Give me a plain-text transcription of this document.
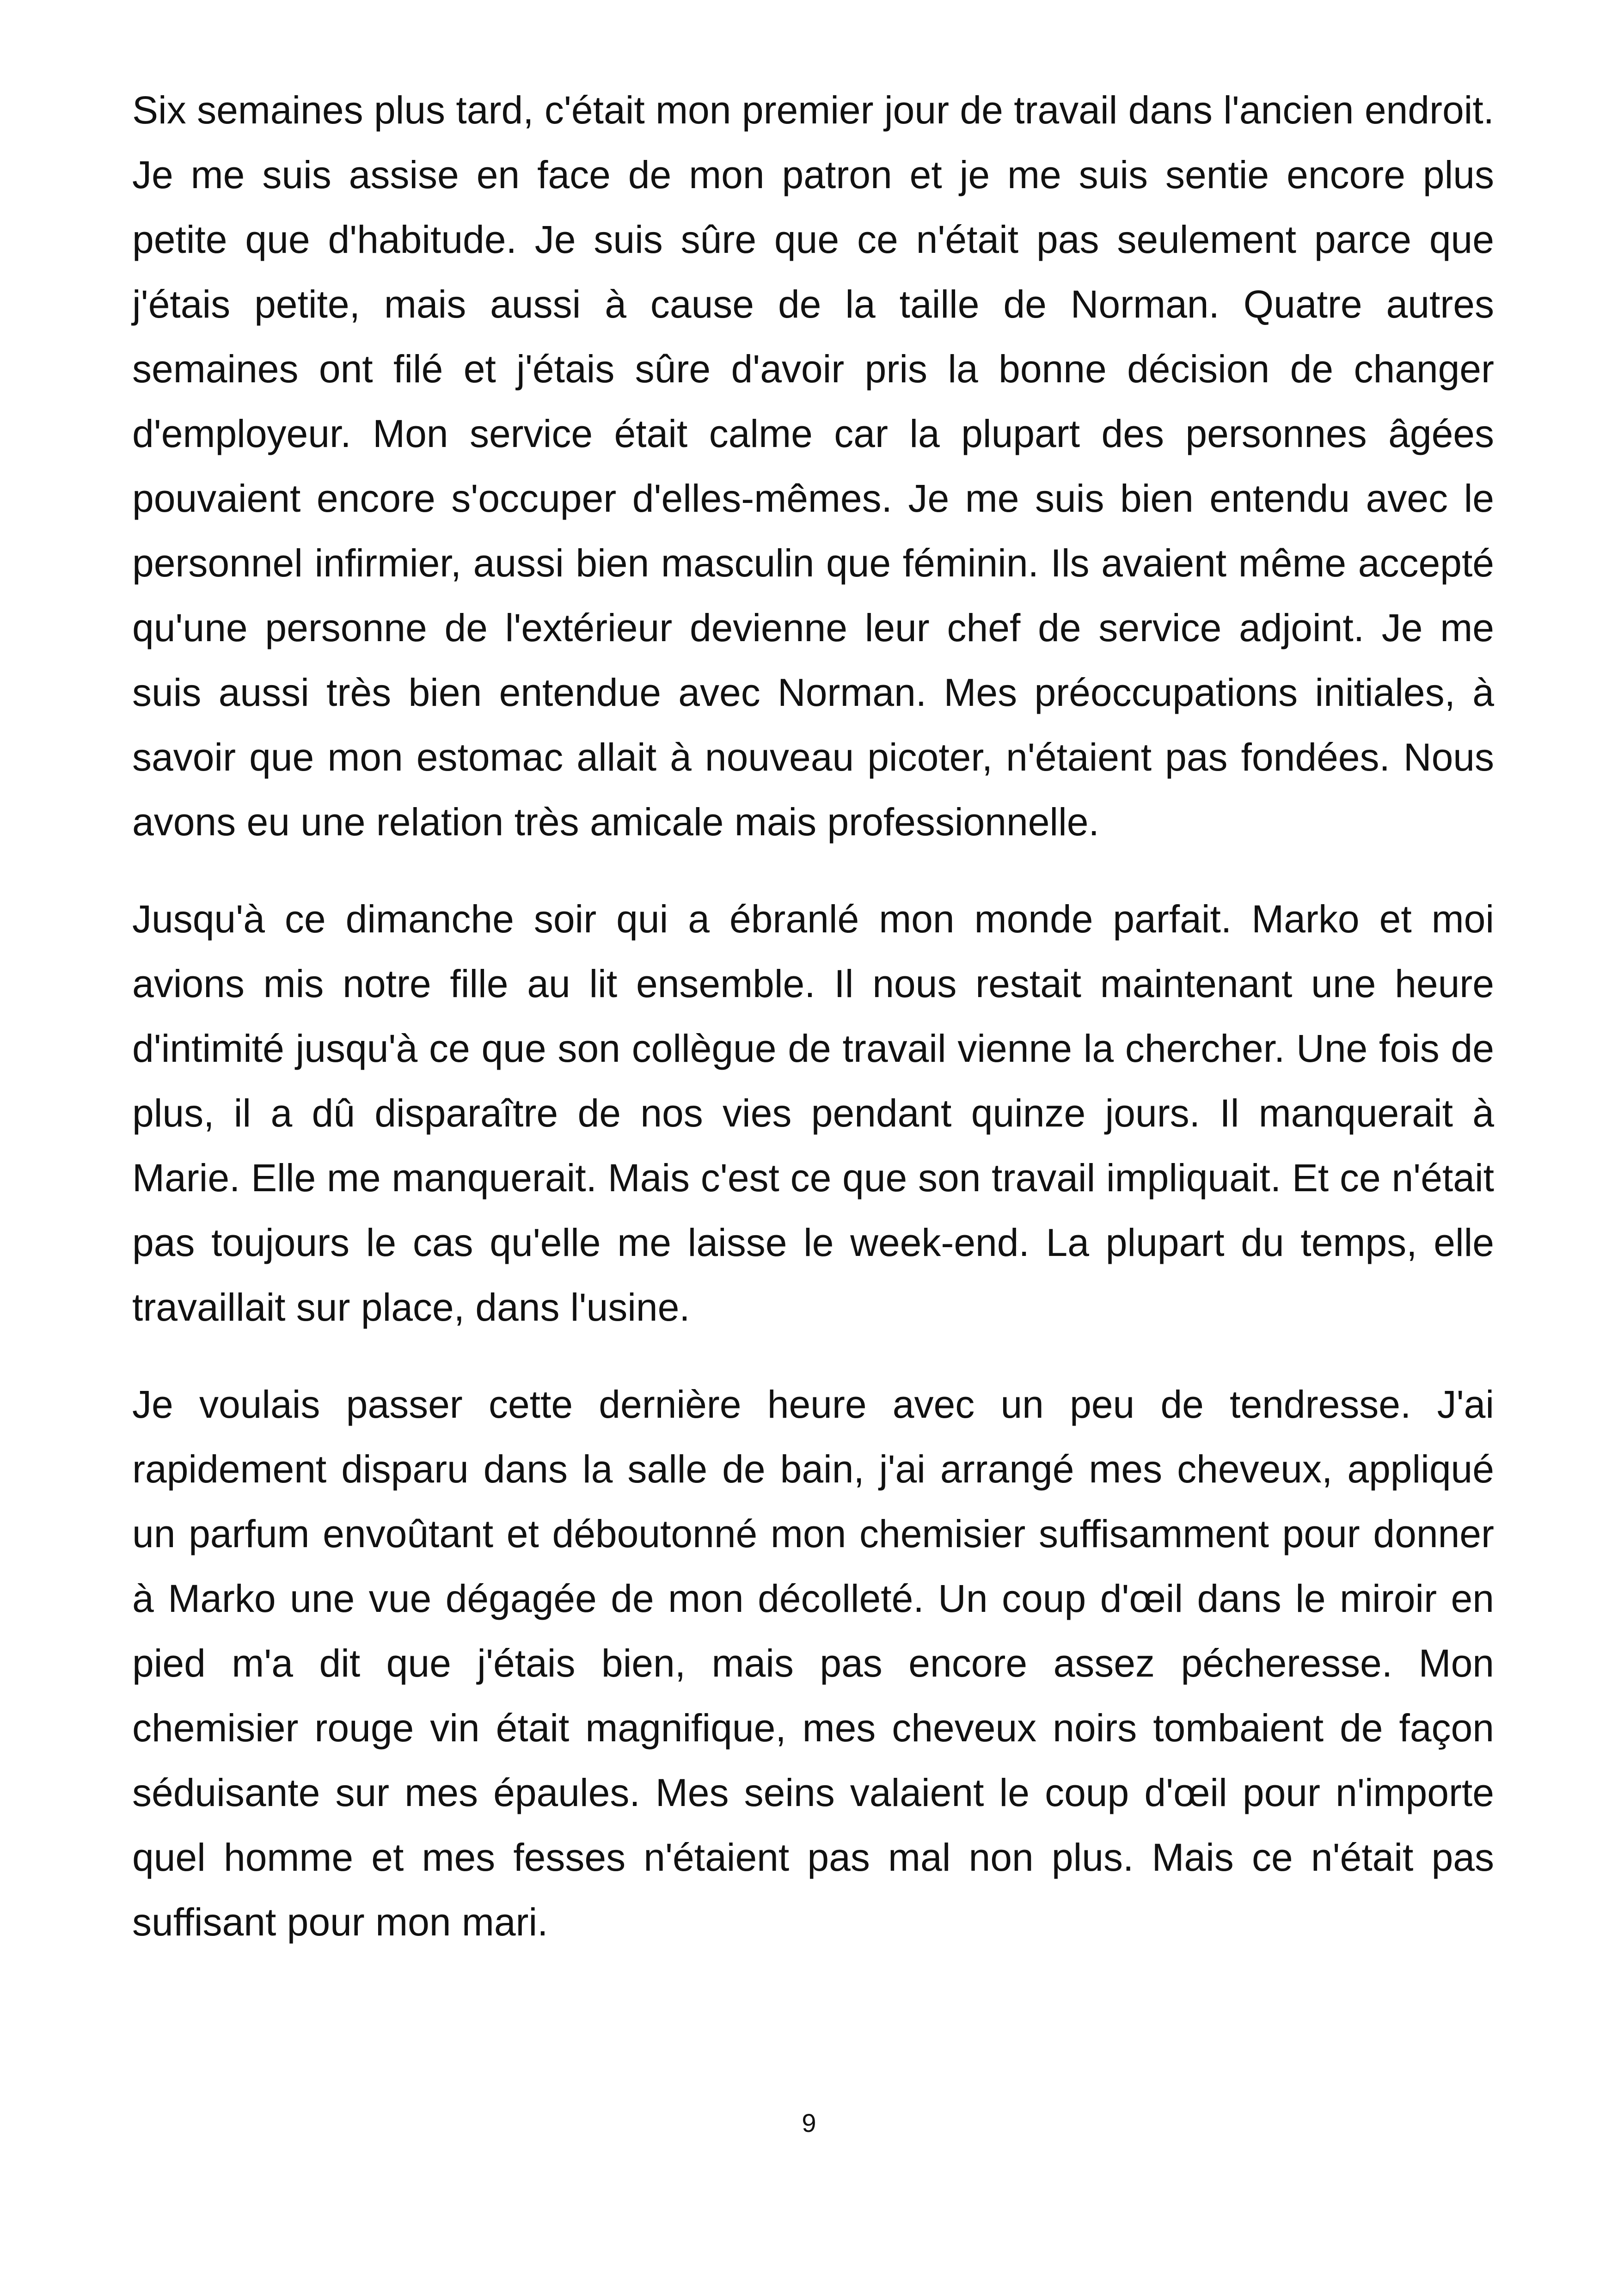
Six semaines plus tard, c'était mon premier jour de travail dans l'ancien endroit. Je me suis assise en face de mon patron et je me suis sentie encore plus petite que d'habitude. Je suis sûre que ce n'était pas seulement parce que j'étais petite, mais aussi à cause de la taille de Norman. Quatre autres semaines ont filé et j'étais sûre d'avoir pris la bonne décision de changer d'employeur. Mon service était calme car la plupart des personnes âgées pouvaient encore s'occuper d'elles-mêmes. Je me suis bien entendu avec le personnel infirmier, aussi bien masculin que féminin. Ils avaient même accepté qu'une personne de l'extérieur devienne leur chef de service adjoint. Je me suis aussi très bien entendue avec Norman. Mes préoccupations initiales, à savoir que mon estomac allait à nouveau picoter, n'étaient pas fondées. Nous avons eu une relation très amicale mais professionnelle.

Jusqu'à ce dimanche soir qui a ébranlé mon monde parfait. Marko et moi avions mis notre fille au lit ensemble. Il nous restait maintenant une heure d'intimité jusqu'à ce que son collègue de travail vienne la chercher. Une fois de plus, il a dû disparaître de nos vies pendant quinze jours. Il manquerait à Marie. Elle me manquerait. Mais c'est ce que son travail impliquait. Et ce n'était pas toujours le cas qu'elle me laisse le week-end. La plupart du temps, elle travaillait sur place, dans l'usine.

Je voulais passer cette dernière heure avec un peu de tendresse. J'ai rapidement disparu dans la salle de bain, j'ai arrangé mes cheveux, appliqué un parfum envoûtant et déboutonné mon chemisier suffisamment pour donner à Marko une vue dégagée de mon décolleté. Un coup d'œil dans le miroir en pied m'a dit que j'étais bien, mais pas encore assez pécheresse. Mon chemisier rouge vin était magnifique, mes cheveux noirs tombaient de façon séduisante sur mes épaules. Mes seins valaient le coup d'œil pour n'importe quel homme et mes fesses n'étaient pas mal non plus. Mais ce n'était pas suffisant pour mon mari.

9
